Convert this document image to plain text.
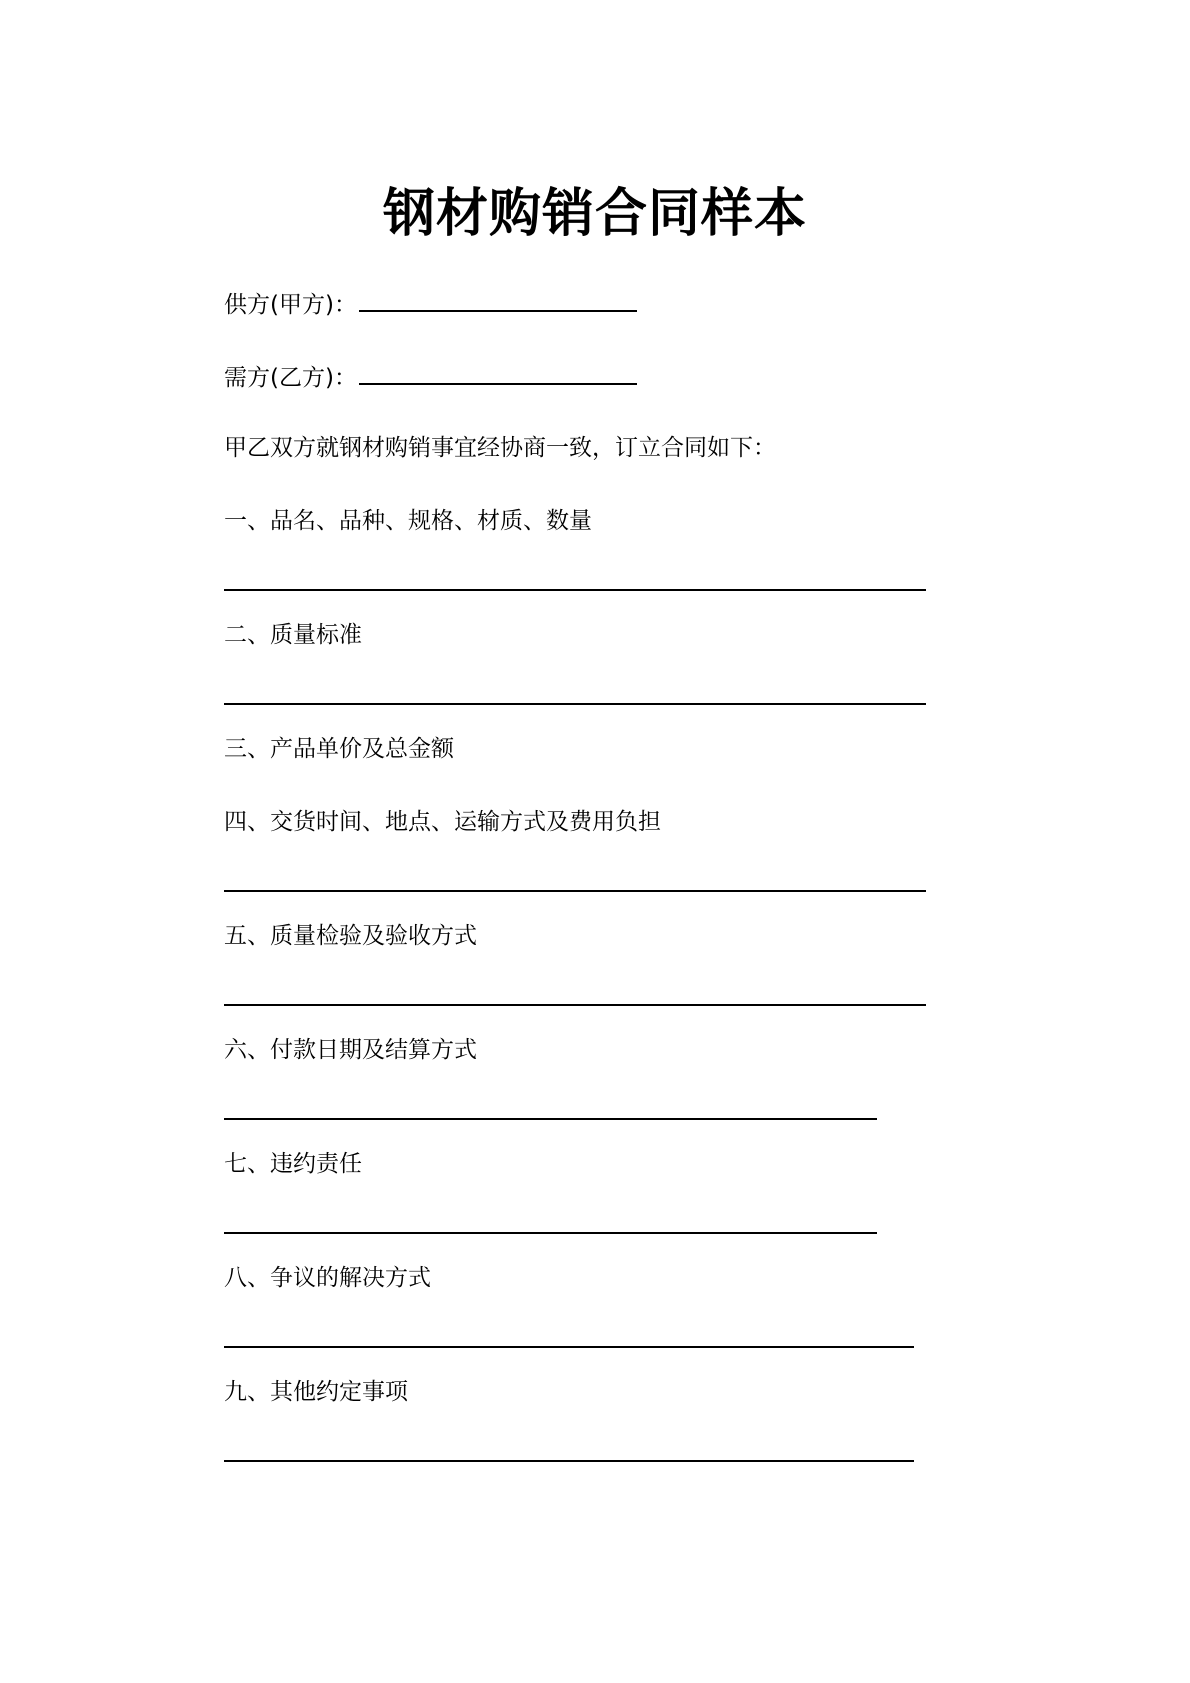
钢材购销合同样本
供方(甲方)：
需方(乙方)：
甲乙双方就钢材购销事宜经协商一致，订立合同如下：
一、品名、品种、规格、材质、数量
二、质量标准
三、产品单价及总金额
四、交货时间、地点、运输方式及费用负担
五、质量检验及验收方式
六、付款日期及结算方式
七、违约责任
八、争议的解决方式
九、其他约定事项
